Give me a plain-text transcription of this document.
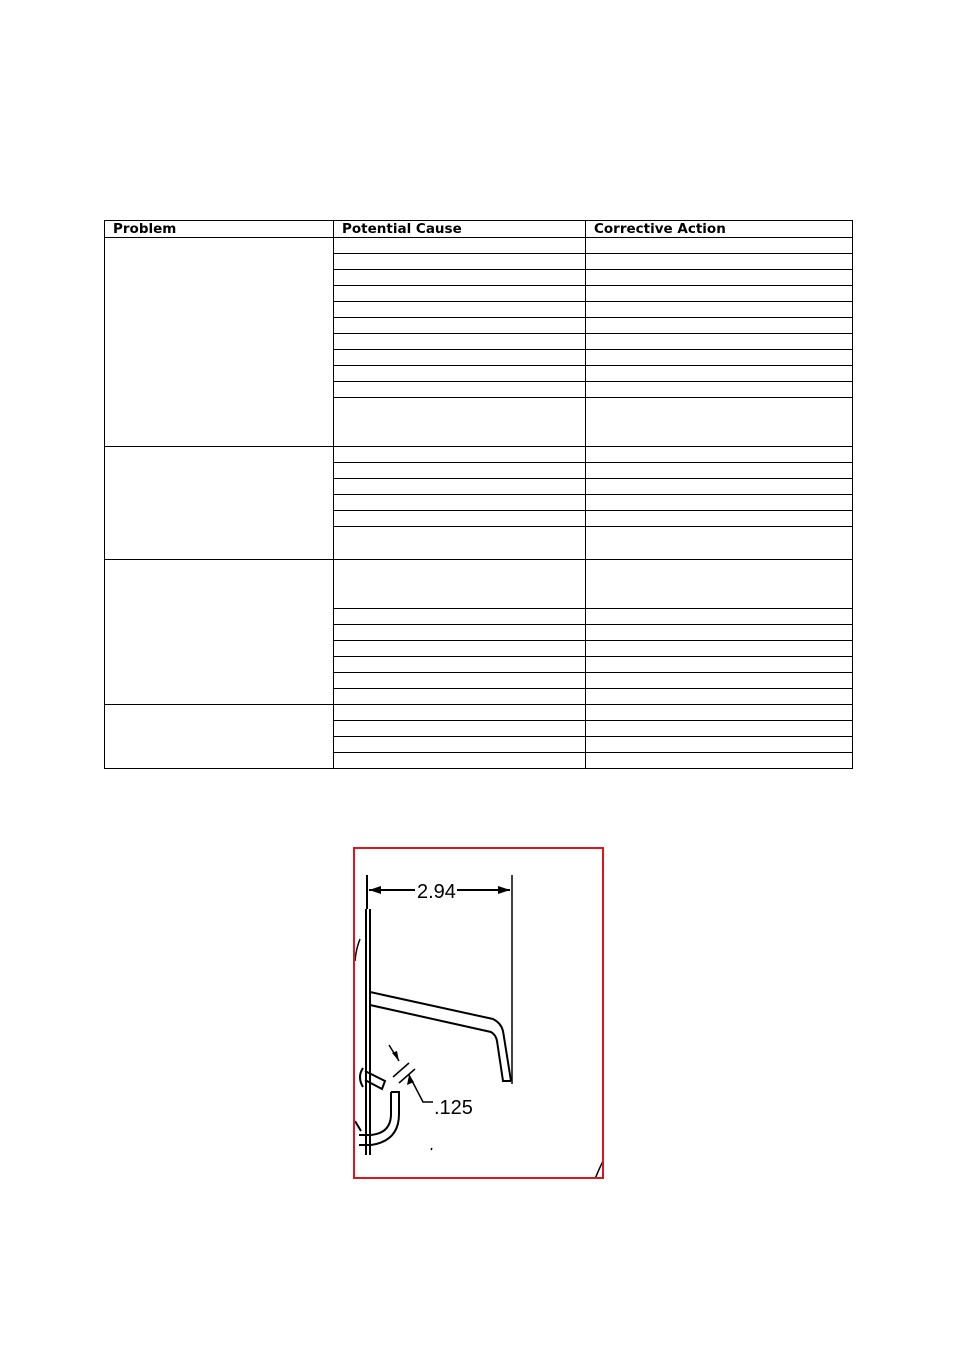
Problem	Potential Cause	Corrective Action

2.94
.125
